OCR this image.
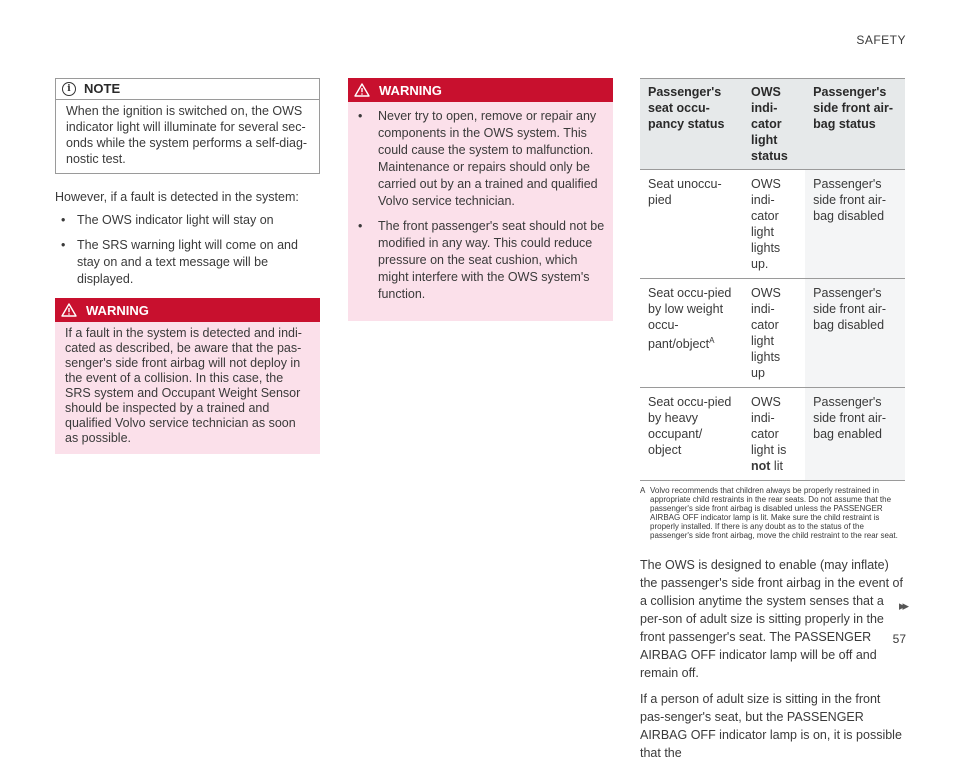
SAFETY
i	NOTE
When the ignition is switched on, the OWS indicator light will illuminate for several sec-onds while the system performs a self-diag-nostic test.

However, if a fault is detected in the system:

• The OWS indicator light will stay on
• The SRS warning light will come on and stay on and a text message will be displayed.
WARNING
If a fault in the system is detected and indi-cated as described, be aware that the pas-senger's side front airbag will not deploy in the event of a collision. In this case, the SRS system and Occupant Weight Sensor should be inspected by a trained and qualified Volvo service technician as soon as possible.
WARNING
• Never try to open, remove or repair any components in the OWS system. This could cause the system to malfunction. Maintenance or repairs should only be carried out by an a trained and qualified Volvo service technician.
• The front passenger's seat should not be modified in any way. This could reduce pressure on the seat cushion, which might interfere with the OWS system's function.
Passenger's seat occu-pancy status	OWS indi-cator light status	Passenger's side front air-bag status
Seat unoccu-pied	OWS indi-cator light lights up.	Passenger's side front air-bag disabled
Seat occu-pied by low weight occu-pant/object$^A$	OWS indi-cator light lights up	Passenger's side front air-bag disabled
Seat occu-pied by heavy occupant/ object	OWS indi-cator light is not lit	Passenger's side front air-bag enabled
A Volvo recommends that children always be properly restrained in appropriate child restraints in the rear seats. Do not assume that the passenger's side front airbag is disabled unless the PASSENGER AIRBAG OFF indicator lamp is lit. Make sure the child restraint is properly installed. If there is any doubt as to the status of the passenger's side front airbag, move the child restraint to the rear seat.

The OWS is designed to enable (may inflate) the passenger's side front airbag in the event of a collision anytime the system senses that a per-son of adult size is sitting properly in the front passenger's seat. The PASSENGER AIRBAG OFF indicator lamp will be off and remain off.

If a person of adult size is sitting in the front pas-senger's seat, but the PASSENGER AIRBAG OFF indicator lamp is on, it is possible that the

▸▸
57
